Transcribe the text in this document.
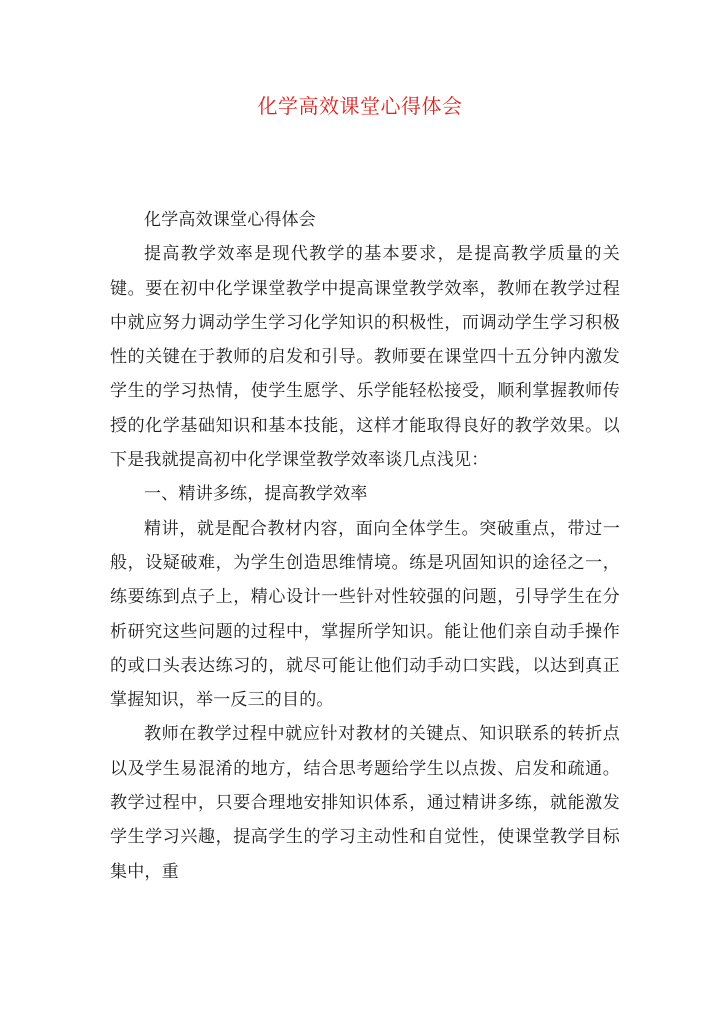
化学高效课堂心得体会

化学高效课堂心得体会

提高教学效率是现代教学的基本要求，是提高教学质量的关键。要在初中化学课堂教学中提高课堂教学效率，教师在教学过程中就应努力调动学生学习化学知识的积极性，而调动学生学习积极性的关键在于教师的启发和引导。教师要在课堂四十五分钟内激发学生的学习热情，使学生愿学、乐学能轻松接受，顺利掌握教师传授的化学基础知识和基本技能，这样才能取得良好的教学效果。以下是我就提高初中化学课堂教学效率谈几点浅见：

一、精讲多练，提高教学效率

精讲，就是配合教材内容，面向全体学生。突破重点，带过一般，设疑破难，为学生创造思维情境。练是巩固知识的途径之一，练要练到点子上，精心设计一些针对性较强的问题，引导学生在分析研究这些问题的过程中，掌握所学知识。能让他们亲自动手操作的或口头表达练习的，就尽可能让他们动手动口实践，以达到真正掌握知识，举一反三的目的。

教师在教学过程中就应针对教材的关键点、知识联系的转折点以及学生易混淆的地方，结合思考题给学生以点拨、启发和疏通。教学过程中，只要合理地安排知识体系，通过精讲多练，就能激发学生学习兴趣，提高学生的学习主动性和自觉性，使课堂教学目标集中，重
